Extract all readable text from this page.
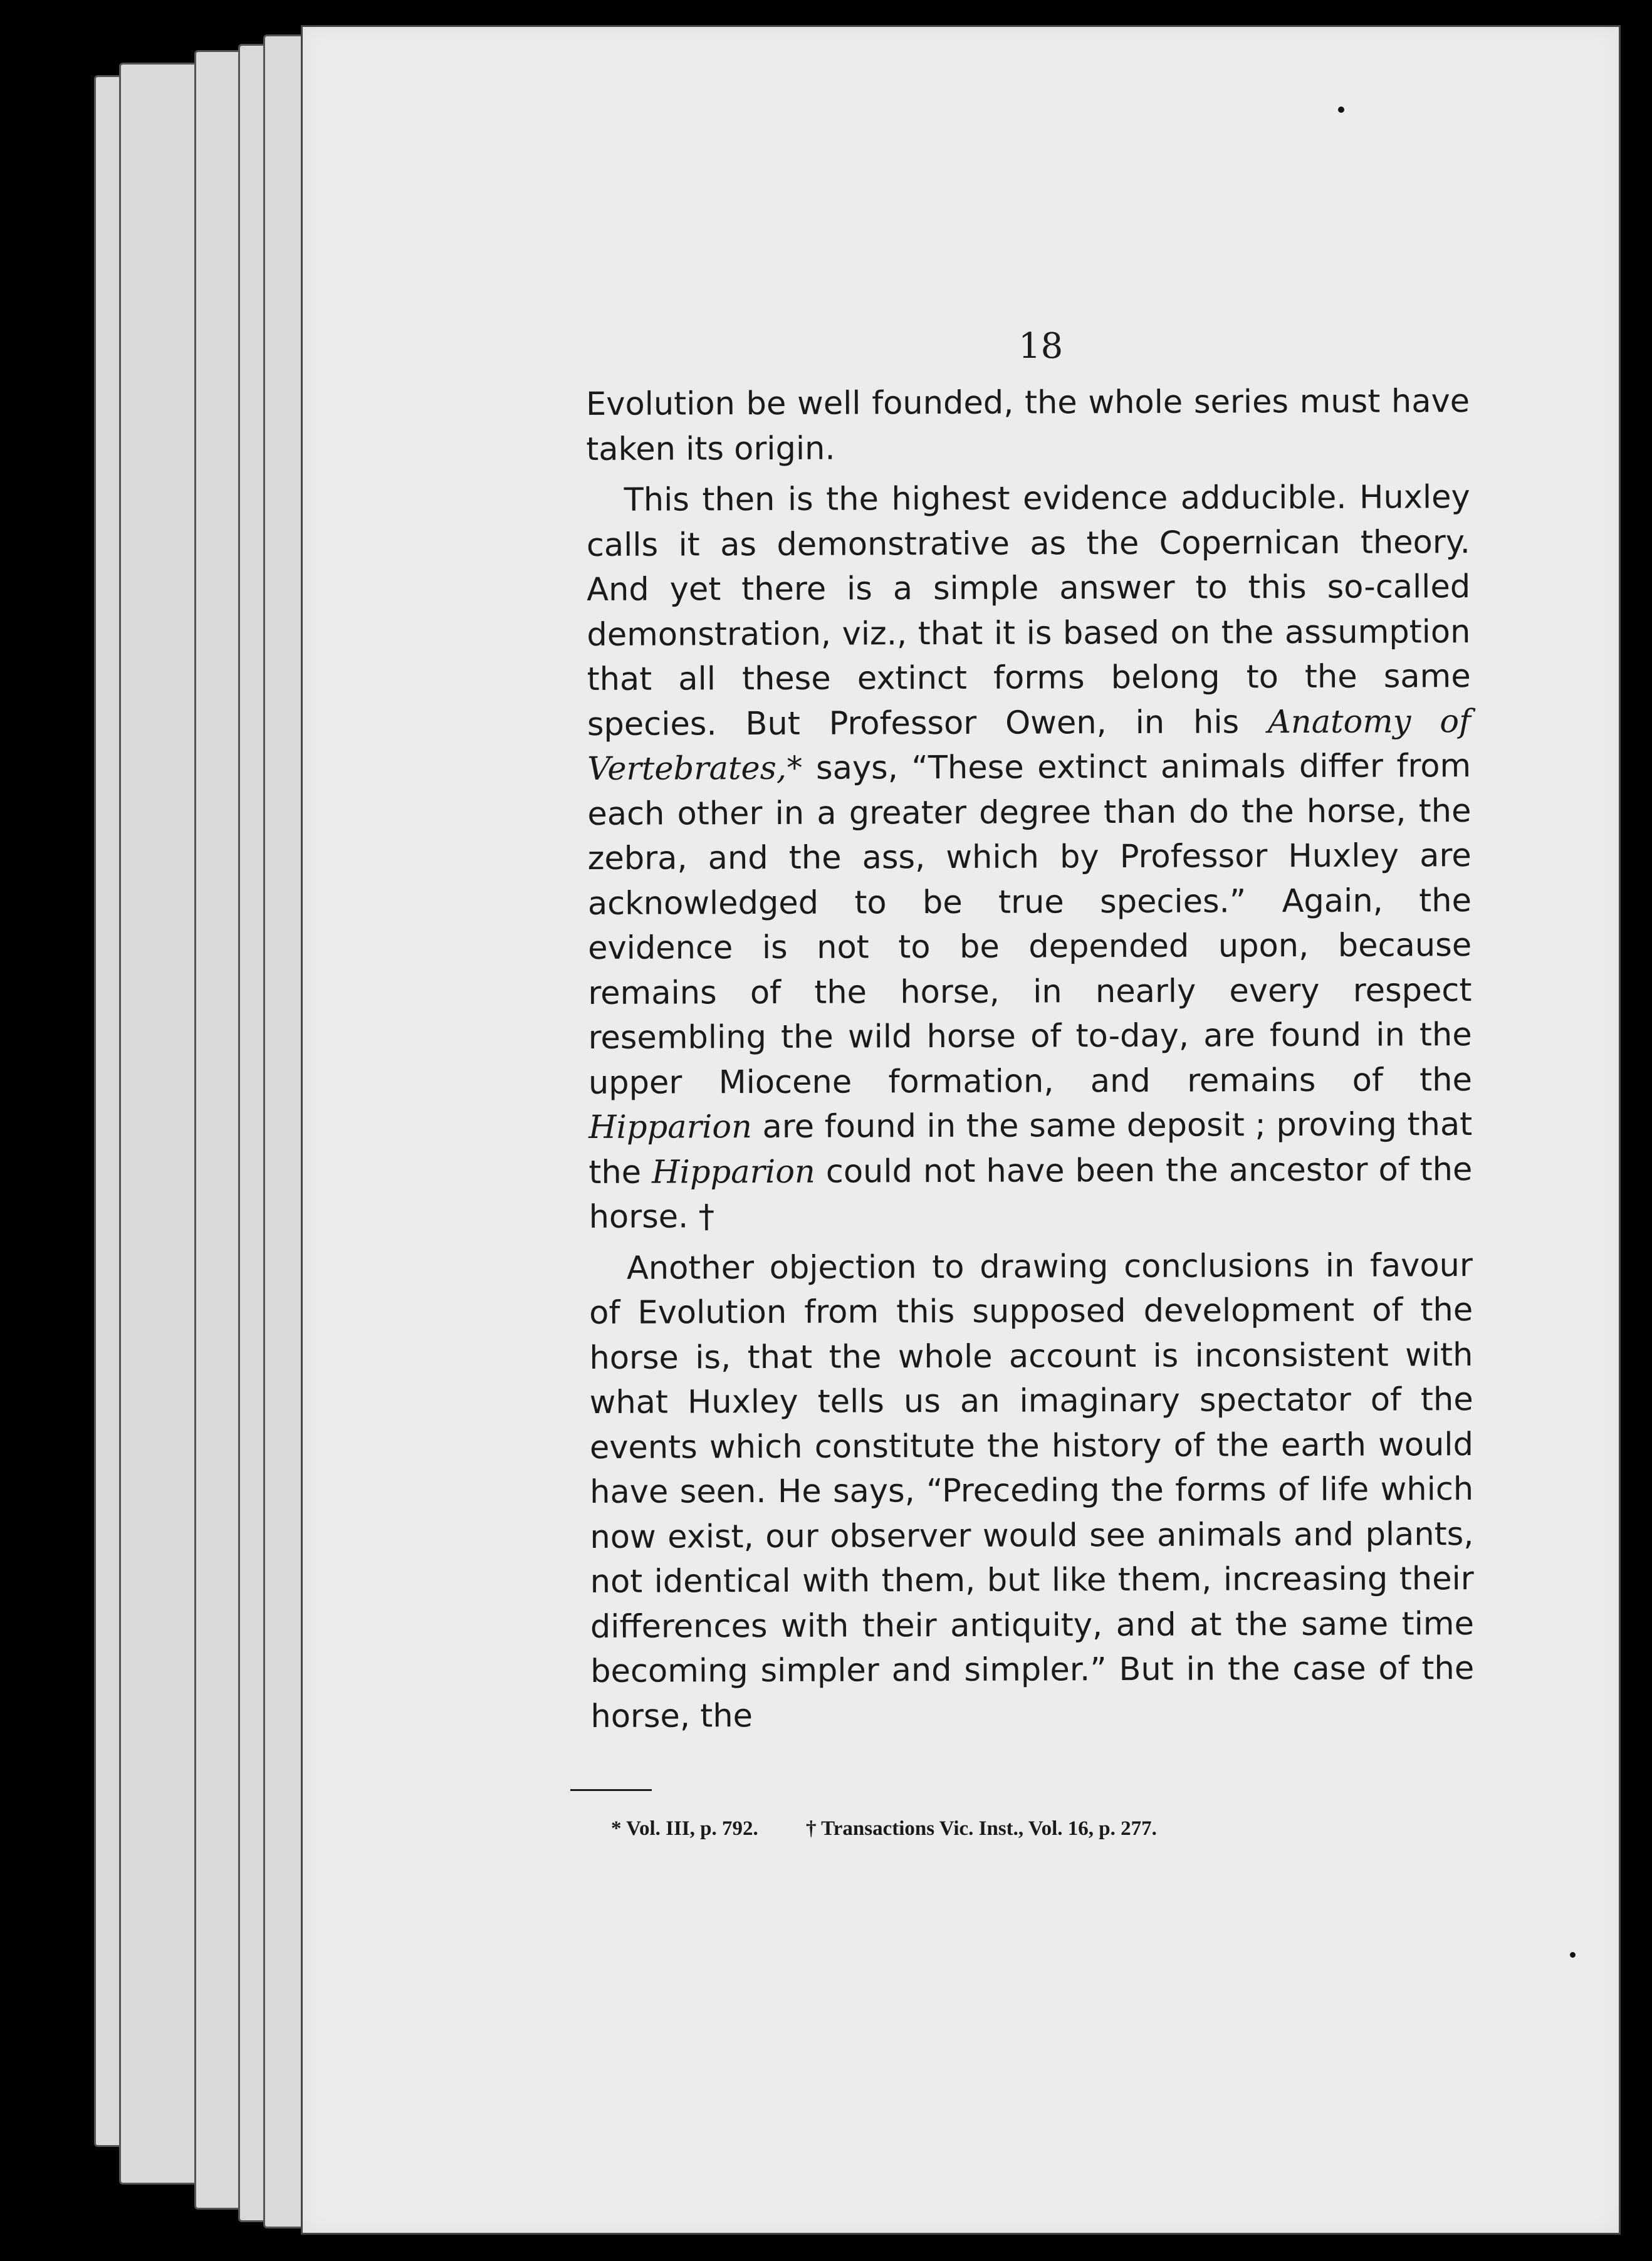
18

Evolution be well founded, the whole series must have taken its origin.

This then is the highest evidence adducible. Huxley calls it as demonstrative as the Copernican theory. And yet there is a simple answer to this so-called demonstration, viz., that it is based on the assumption that all these extinct forms belong to the same species. But Professor Owen, in his Anatomy of Vertebrates,* says, “These extinct animals differ from each other in a greater degree than do the horse, the zebra, and the ass, which by Professor Huxley are acknowledged to be true species.” Again, the evidence is not to be depended upon, because remains of the horse, in nearly every respect resembling the wild horse of to-day, are found in the upper Miocene formation, and remains of the Hipparion are found in the same deposit ; proving that the Hipparion could not have been the ancestor of the horse. †

Another objection to drawing conclusions in favour of Evolution from this supposed development of the horse is, that the whole account is inconsistent with what Huxley tells us an imaginary spectator of the events which constitute the history of the earth would have seen. He says, “Preceding the forms of life which now exist, our observer would see animals and plants, not identical with them, but like them, increasing their differences with their antiquity, and at the same time becoming simpler and simpler.” But in the case of the horse, the

* Vol. III, p. 792. † Transactions Vic. Inst., Vol. 16, p. 277.
